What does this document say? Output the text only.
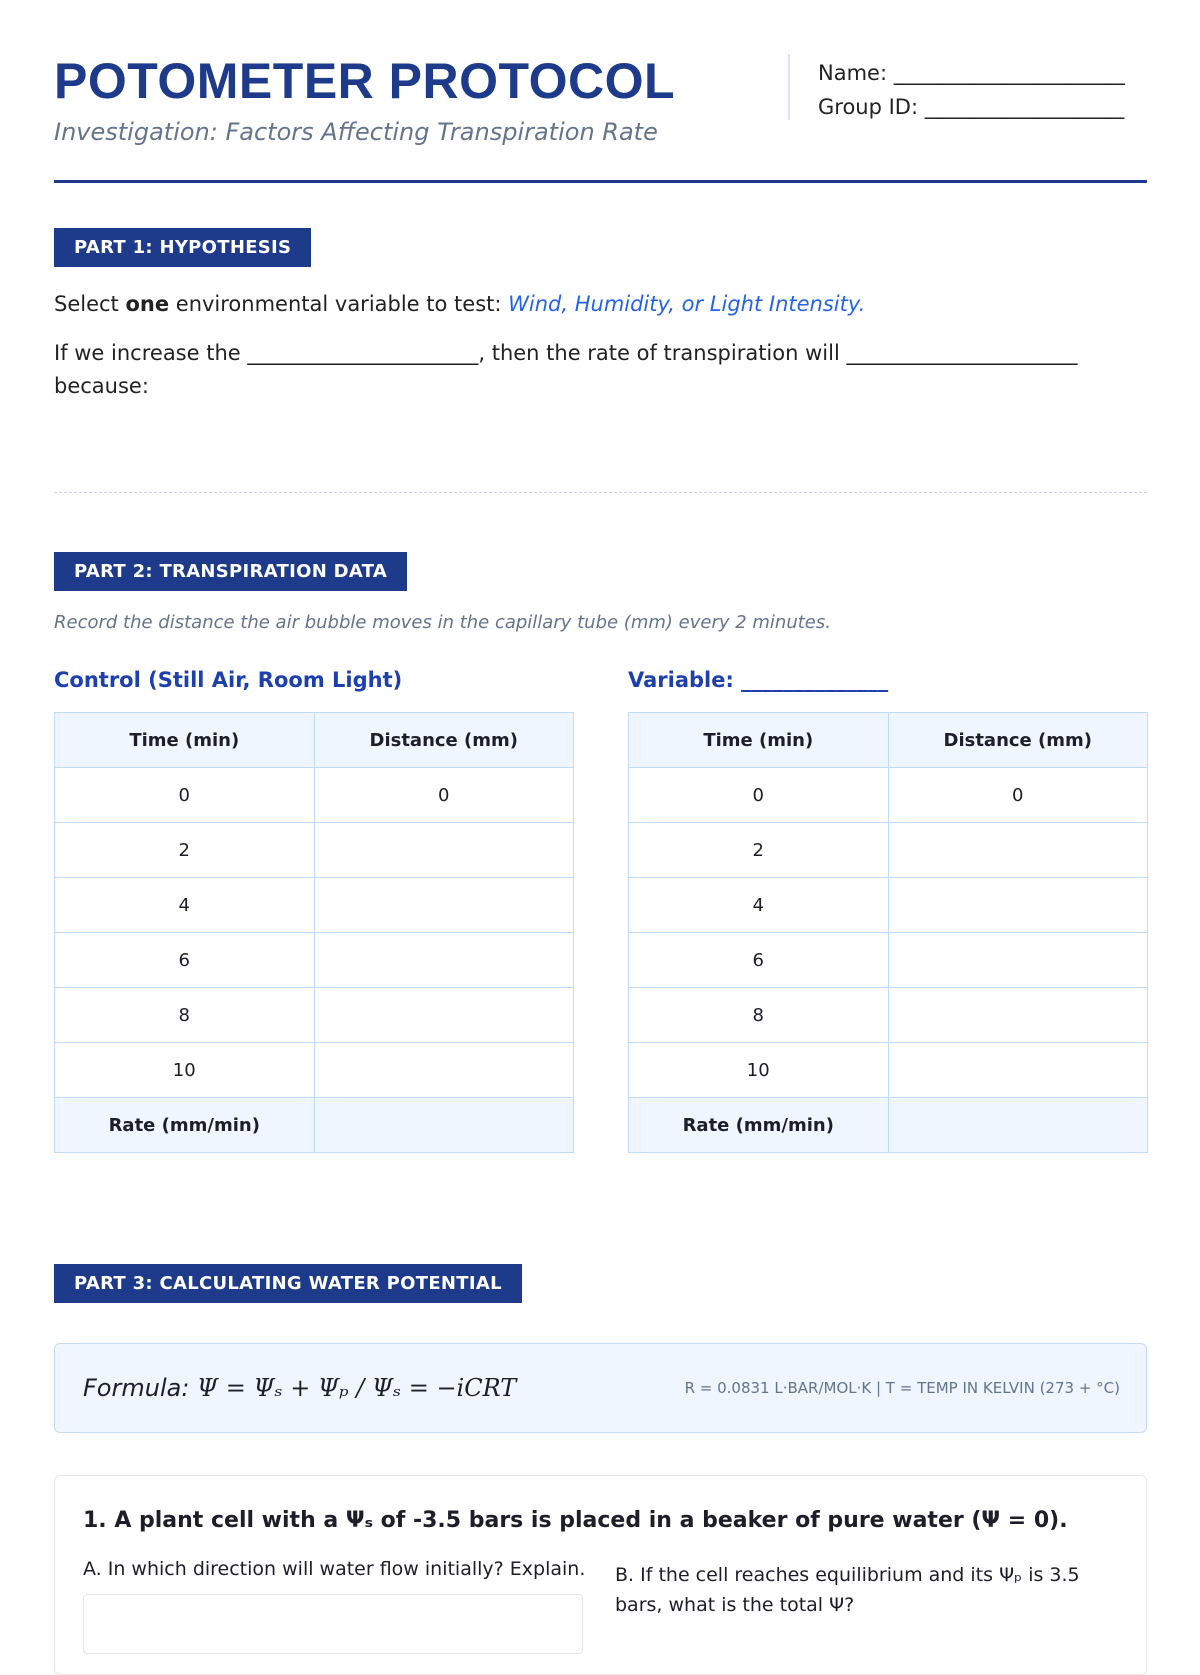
POTOMETER PROTOCOL
Investigation: Factors Affecting Transpiration Rate
Name: ______________________
Group ID: ___________________
PART 1: HYPOTHESIS
Select one environmental variable to test: Wind, Humidity, or Light Intensity.
If we increase the ______________________, then the rate of transpiration will ______________________ because:
PART 2: TRANSPIRATION DATA
Record the distance the air bubble moves in the capillary tube (mm) every 2 minutes.
Control (Still Air, Room Light)	Variable: ______________
Time (min)	Distance (mm)
0	0
2	
4	
6	
8	
10	
Rate (mm/min)	
Time (min)	Distance (mm)
0	0
2	
4	
6	
8	
10	
Rate (mm/min)	
PART 3: CALCULATING WATER POTENTIAL
Formula: Ψ = Ψₛ + Ψₚ / Ψₛ = −iCRT	R = 0.0831 L·BAR/MOL·K | T = TEMP IN KELVIN (273 + °C)
1. A plant cell with a Ψₛ of -3.5 bars is placed in a beaker of pure water (Ψ = 0).
A. In which direction will water flow initially? Explain. B. If the cell reaches equilibrium and its Ψₚ is 3.5 bars, what is the total Ψ?
